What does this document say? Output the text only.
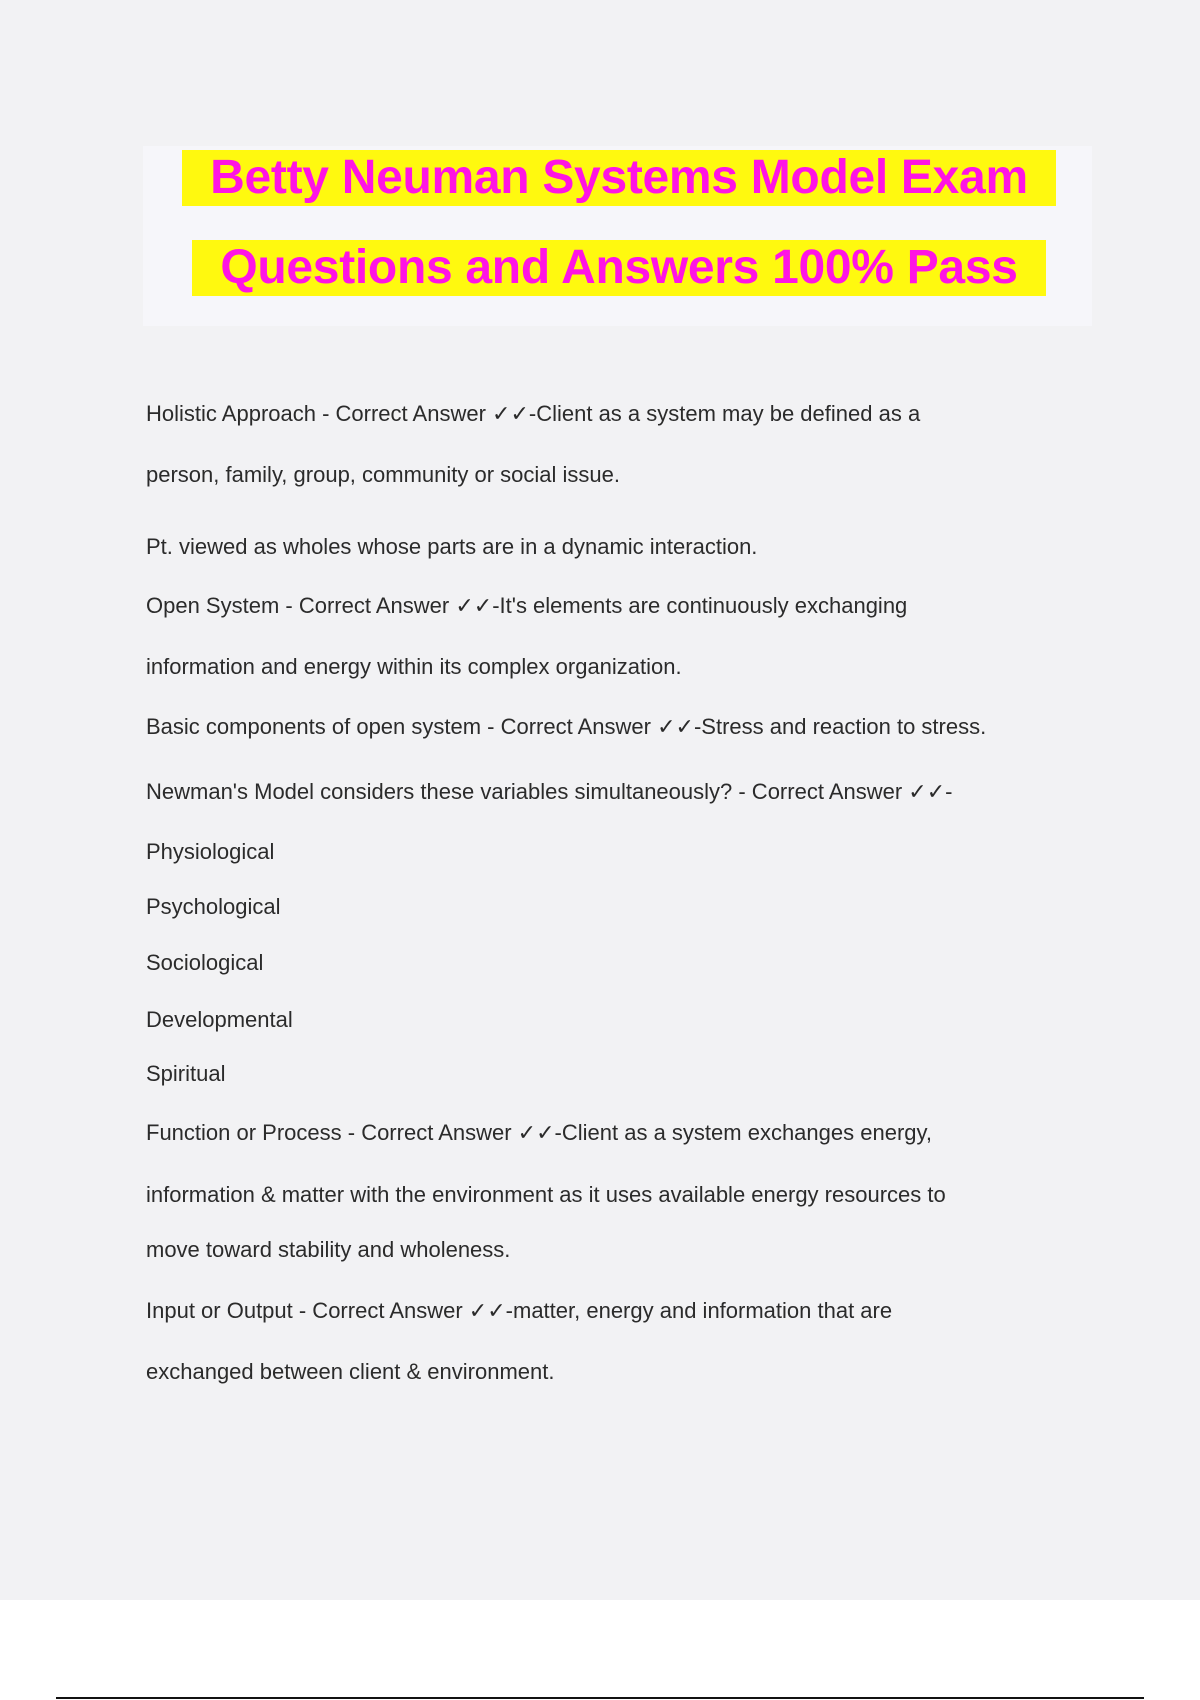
Betty Neuman Systems Model Exam
Questions and Answers 100% Pass
Holistic Approach - Correct Answer ✓✓-Client as a system may be defined as a
person, family, group, community or social issue.
Pt. viewed as wholes whose parts are in a dynamic interaction.
Open System - Correct Answer ✓✓-It's elements are continuously exchanging
information and energy within its complex organization.
Basic components of open system - Correct Answer ✓✓-Stress and reaction to stress.
Newman's Model considers these variables simultaneously? - Correct Answer ✓✓-
Physiological
Psychological
Sociological
Developmental
Spiritual
Function or Process - Correct Answer ✓✓-Client as a system exchanges energy,
information & matter with the environment as it uses available energy resources to
move toward stability and wholeness.
Input or Output - Correct Answer ✓✓-matter, energy and information that are
exchanged between client & environment.
